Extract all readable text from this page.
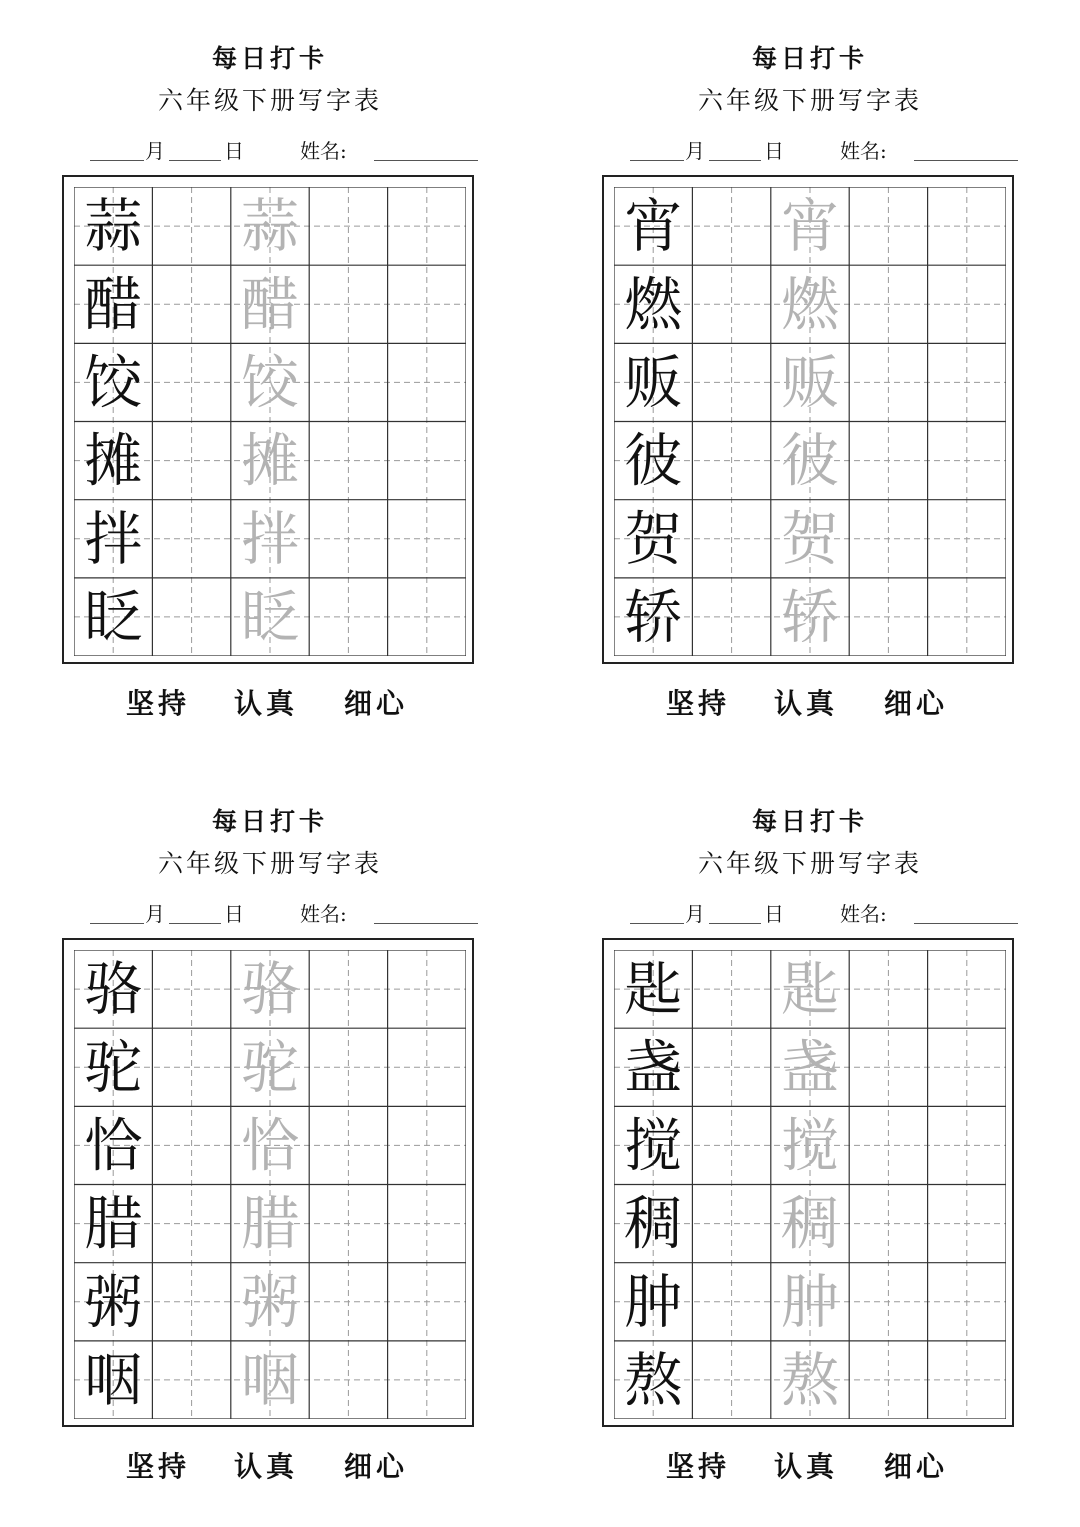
每日打卡
六年级下册写字表
月	日	姓名:
蒜 蒜
醋 醋
饺 饺
摊 摊
拌 拌
眨 眨
坚持 认真 细心
每日打卡
六年级下册写字表
月	日	姓名:
宵 宵
燃 燃
贩 贩
彼 彼
贺 贺
轿 轿
坚持 认真 细心
每日打卡
六年级下册写字表
月	日	姓名:
骆 骆
驼 驼
恰 恰
腊 腊
粥 粥
咽 咽
坚持 认真 细心
每日打卡
六年级下册写字表
月	日	姓名:
匙 匙
盏 盏
搅 搅
稠 稠
肿 肿
熬 熬
坚持 认真 细心
